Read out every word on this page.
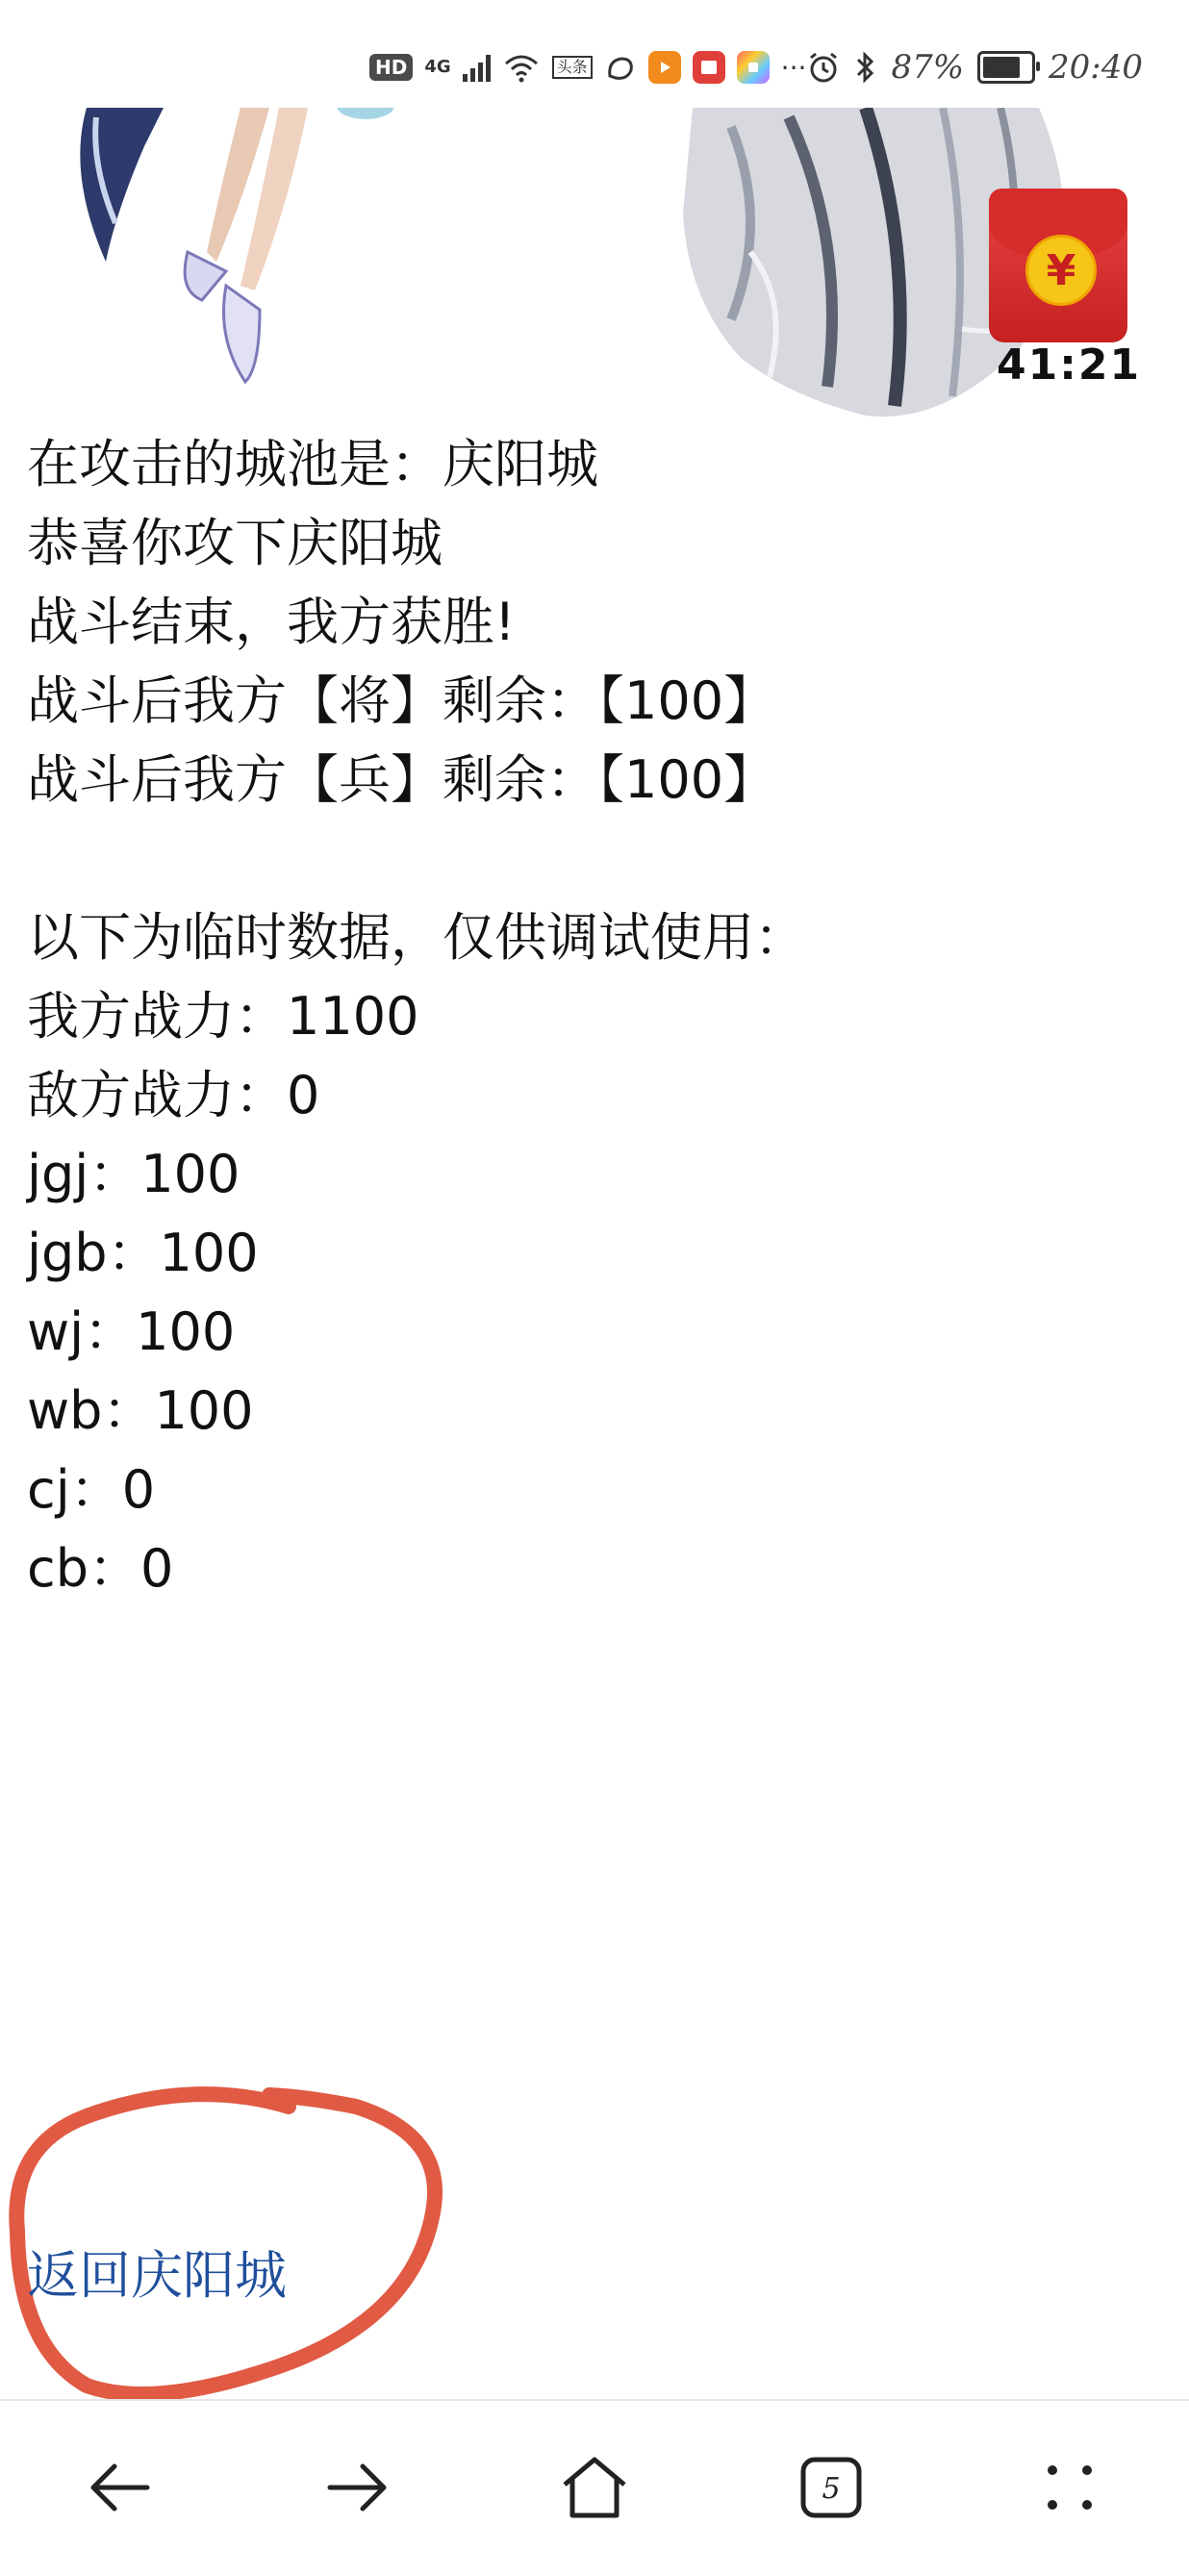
HD	4G	头条	···	87%	20:40
¥
41:21
在攻击的城池是：庆阳城
恭喜你攻下庆阳城
战斗结束，我方获胜!
战斗后我方【将】剩余：【100】
战斗后我方【兵】剩余：【100】
以下为临时数据，仅供调试使用：
我方战力：1100
敌方战力：0
jgj：100
jgb：100
wj：100
wb：100
cj：0
cb：0
返回庆阳城
5
